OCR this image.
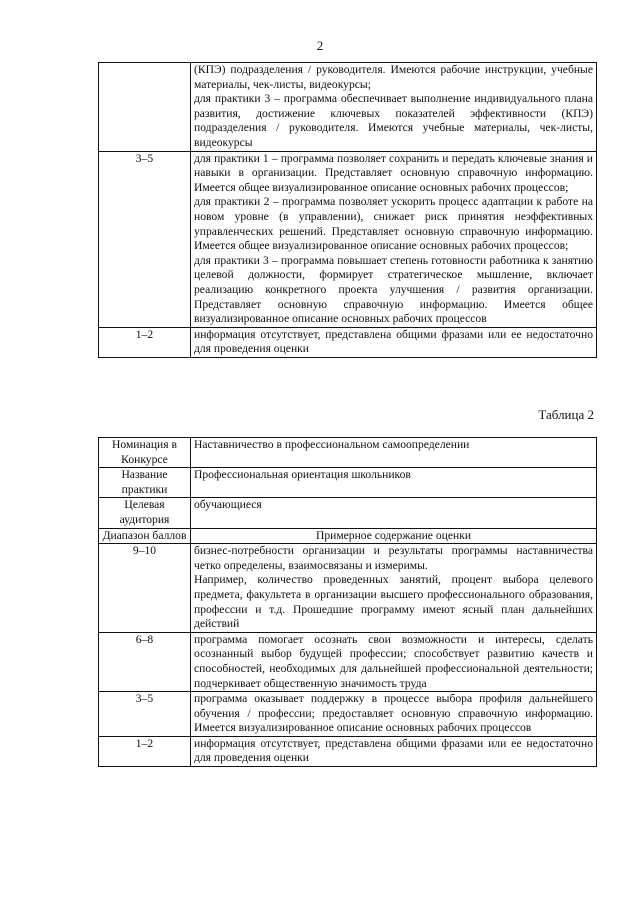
2

	(КПЭ) подразделения / руководителя. Имеются рабочие инструкции, учебные материалы, чек-листы, видеокурсы;
для практики 3 – программа обеспечивает выполнение индивидуального плана развития, достижение ключевых показателей эффективности (КПЭ) подразделения / руководителя. Имеются учебные материалы, чек-листы, видеокурсы

3–5	для практики 1 – программа позволяет сохранить и передать ключевые знания и навыки в организации. Представляет основную справочную информацию. Имеется общее визуализированное описание основных рабочих процессов;
для практики 2 – программа позволяет ускорить процесс адаптации к работе на новом уровне (в управлении), снижает риск принятия неэффективных управленческих решений. Представляет основную справочную информацию. Имеется общее визуализированное описание основных рабочих процессов;
для практики 3 – программа повышает степень готовности работника к занятию целевой должности, формирует стратегическое мышление, включает реализацию конкретного проекта улучшения / развития организации. Представляет основную справочную информацию. Имеется общее визуализированное описание основных рабочих процессов

1–2	информация отсутствует, представлена общими фразами или ее недостаточно для проведения оценки
Таблица 2
Номинация в Конкурсе	Наставничество в профессиональном самоопределении
Название практики	Профессиональная ориентация школьников
Целевая аудитория	обучающиеся
Диапазон баллов	Примерное содержание оценки
9–10	бизнес-потребности организации и результаты программы наставничества четко определены, взаимосвязаны и измеримы.
Например, количество проведенных занятий, процент выбора целевого предмета, факультета в организации высшего профессионального образования, профессии и т.д. Прошедшие программу имеют ясный план дальнейших действий

6–8	программа помогает осознать свои возможности и интересы, сделать осознанный выбор будущей профессии; способствует развитию качеств и способностей, необходимых для дальнейшей профессиональной деятельности; подчеркивает общественную значимость труда

3–5	программа оказывает поддержку в процессе выбора профиля дальнейшего обучения / профессии; предоставляет основную справочную информацию. Имеется визуализированное описание основных рабочих процессов

1–2	информация отсутствует, представлена общими фразами или ее недостаточно для проведения оценки
